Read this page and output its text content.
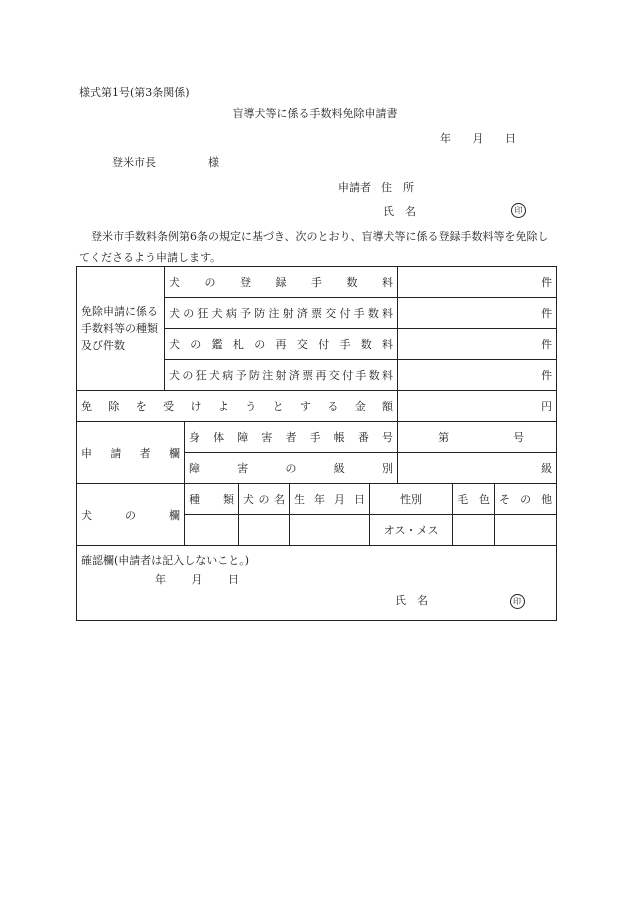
様式第1号(第3条関係)
盲導犬等に係る手数料免除申請書
年 月 日
登米市長	様
申請者 住　所
氏　名	印
登米市手数料条例第6条の規定に基づき、次のとおり、盲導犬等に係る登録手数料等を免除してくださるよう申請します。
免除申請に係る手数料等の種類及び件数	犬の登録手数料					件		
	犬の狂犬病予防注射済票交付手数料					件		
	犬の鑑札の再交付手数料					件		
	犬の狂犬病予防注射済票再交付手数料					件		
免除を受けようとする金額						円		
申請者欄		身体障害者手帳番号				第 号		

		障害の級別				級		
犬の欄		種類	犬の名	生年月日	性別		毛色	その他
					オス・メス			

確認欄(申請者は記入しないこと。)
年 月 日
氏　名 印								
